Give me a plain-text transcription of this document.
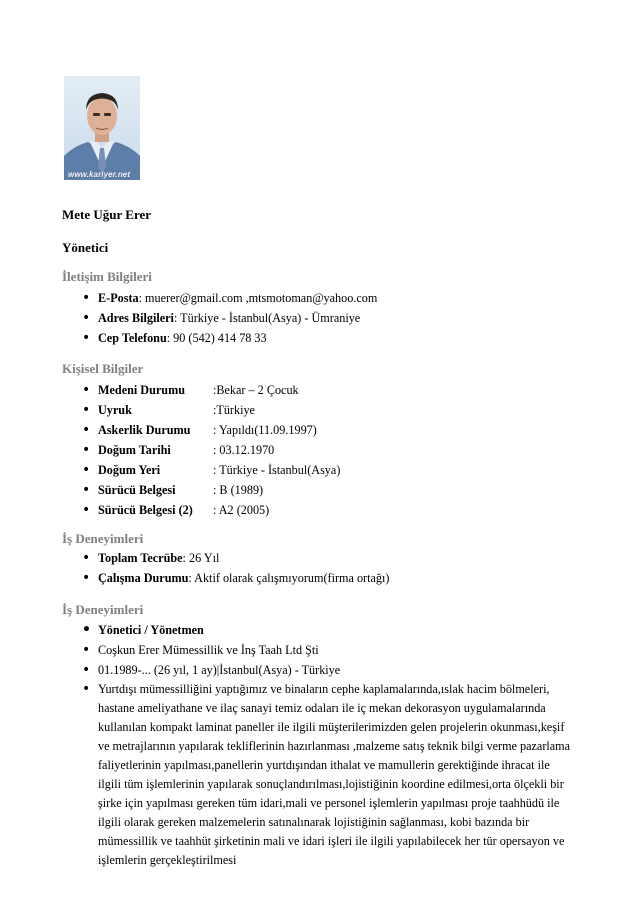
www.kariyer.net
Mete Uğur Erer
Yönetici
İletişim Bilgileri
• E-Posta: muerer@gmail.com ,mtsmotoman@yahoo.com
• Adres Bilgileri: Türkiye - İstanbul(Asya) - Ümraniye
• Cep Telefonu: 90 (542) 414 78 33
Kişisel Bilgiler
• Medeni Durumu :Bekar – 2 Çocuk
• Uyruk	:Türkiye
• Askerlik Durumu : Yapıldı(11.09.1997)
• Doğum Tarihi	: 03.12.1970
• Doğum Yeri	: Türkiye - İstanbul(Asya)
• Sürücü Belgesi	: B (1989)
• Sürücü Belgesi (2) : A2 (2005)
İş Deneyimleri
• Toplam Tecrübe: 26 Yıl
• Çalışma Durumu: Aktif olarak çalışmıyorum(firma ortağı)
İş Deneyimleri
• Yönetici / Yönetmen
• Coşkun Erer Mümessillik ve İnş Taah Ltd Şti
• 01.1989-... (26 yıl, 1 ay)|İstanbul(Asya) - Türkiye
• Yurtdışı mümessilliğini yaptığımız ve binaların cephe kaplamalarında,ıslak hacim bölmeleri, hastane ameliyathane ve ilaç sanayi temiz odaları ile iç mekan dekorasyon uygulamalarında kullanılan kompakt laminat paneller ile ilgili müşterilerimizden gelen projelerin okunması,keşif ve metrajlarının yapılarak tekliflerinin hazırlanması ,malzeme satış teknik bilgi verme pazarlama faliyetlerinin yapılması,panellerin yurtdışından ithalat ve mamullerin gerektiğinde ihracat ile ilgili tüm işlemlerinin yapılarak sonuçlandırılması,lojistiğinin koordine edilmesi,orta ölçekli bir şirke için yapılması gereken tüm idari,mali ve personel işlemlerin yapılması proje taahhüdü ile ilgili olarak gereken malzemelerin satınalınarak lojistiğinin sağlanması, kobi bazında bir mümessillik ve taahhüt şirketinin mali ve idari işleri ile ilgili yapılabilecek her tür opersayon ve işlemlerin gerçekleştirilmesi
